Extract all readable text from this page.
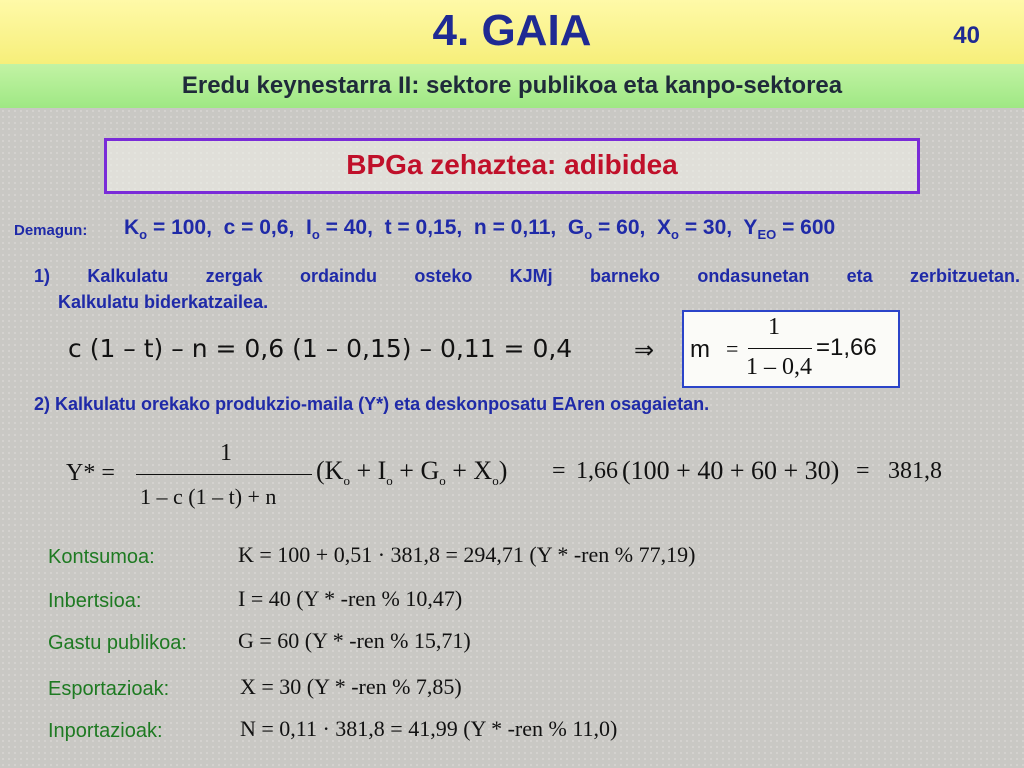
4. GAIA	40
Eredu keynestarra II: sektore publikoa eta kanpo-sektorea
BPGa zehaztea: adibidea
Demagun: $K_o = 100$, c = 0,6, $I_o = 40$, t = 0,15, n = 0,11, $G_o = 60$, $X_o = 30$, $Y_{EO} = 600$
1) Kalkulatu zergak ordaindu osteko KJMj barneko ondasunetan eta zerbitzuetan.
Kalkulatu biderkatzailea.
c (1 – t) – n = 0,6 (1 – 0,15) – 0,11 = 0,4	⇒ m =
1
1 – 0,4
=1,66
2) Kalkulatu orekako produkzio-maila (Y*) eta deskonposatu EAren osagaietan.
Y* =
1
1 – c (1 – t) + n
$(K_o + I_o + G_o + X_o) = 1,66$ (100 + 40 + 60 + 30) = 381,8
Kontsumoa:	K = 100 + 0,51 · 381,8 = 294,71 (Y * -ren % 77,19)
Inbertsioa:	I = 40 (Y * -ren % 10,47)
Gastu publikoa: G = 60 (Y * -ren % 15,71)
Esportazioak:	X = 30 (Y * -ren % 7,85)
Inportazioak:	N = 0,11 · 381,8 = 41,99 (Y * -ren % 11,0)
